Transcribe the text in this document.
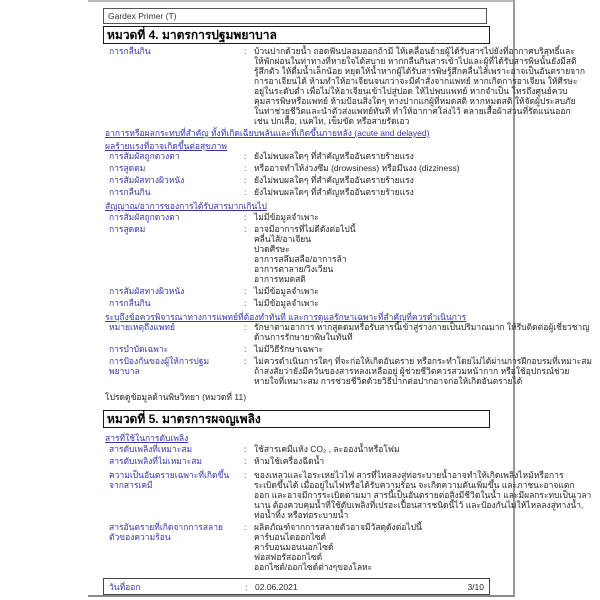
Gardex Primer (T)
หมวดที่ 4. มาตรการปฐมพยาบาล
การกลืนกิน	: บ้วนปากด้วยน้ำ ถอดฟันปลอมออกถ้ามี ให้เคลื่อนย้ายผู้ได้รับสารไปยังที่อากาศบริสุทธิ์และ
ให้พักผ่อนในท่าทางที่หายใจได้สบาย หากกลืนกินสารเข้าไปและผู้ที่ได้รับสารพิษนั้นยังมีสติ
รู้สึกตัว ให้ดื่มน้ำเล็กน้อย หยุดให้น้ำหากผู้ได้รับสารพิษรู้สึกคลื่นไส้เพราะอาจเป็นอันตรายจาก
การอาเจียนได้ ห้ามทำให้อาเจียนจนกว่าจะมีคำสั่งจากแพทย์ หากเกิดการอาเจียน ให้ศีรษะ
อยู่ในระดับต่ำ เพื่อไม่ให้อาเจียนเข้าไปสู่ปอด ให้ไปพบแพทย์ หากจำเป็น โทรถึงศูนย์ควบ
คุมสารพิษหรือแพทย์ ห้ามป้อนสิ่งใดๆ ทางปากแก่ผู้ที่หมดสติ หากหมดสติ ให้จัดผู้ประสบภัย
ในท่าช่วยชีวิตและนำตัวส่งแพทย์ทันที ทำให้อากาศโล่งไว้ คลายเสื้อผ้าส่วนที่รัดแน่นออก
เช่น ปกเสื้อ, เนคไท, เข็มขัด หรือสายรัดเอว
อาการหรือผลกระทบที่สำคัญ ทั้งที่เกิดเฉียบพลันและที่เกิดขึ้นภายหลัง (acute and delayed)
ผลร้ายแรงที่อาจเกิดขึ้นต่อสุขภาพ
การสัมผัสถูกดวงตา	: ยังไม่พบผลใดๆ ที่สำคัญหรืออันตรายร้ายแรง
การสูดดม	: หรืออาจทำให้ง่วงซึม (drowsiness) หรือมึนงง (dizziness)
การสัมผัสทางผิวหนัง	: ยังไม่พบผลใดๆ ที่สำคัญหรืออันตรายร้ายแรง
การกลืนกิน	: ยังไม่พบผลใดๆ ที่สำคัญหรืออันตรายร้ายแรง
สัญญาณ/อาการของการได้รับสารมากเกินไป
การสัมผัสถูกดวงตา	: ไม่มีข้อมูลจำเพาะ
การสูดดม	: อาจมีอาการที่ไม่ดีดังต่อไปนี้
คลื่นไส้/อาเจียน
ปวดศีรษะ
อาการสลึมสลือ/อาการล้า
อาการตาลาย/วิงเวียน
อาการหมดสติ
การสัมผัสทางผิวหนัง	: ไม่มีข้อมูลจำเพาะ
การกลืนกิน	: ไม่มีข้อมูลจำเพาะ
ระบุถึงข้อควรพิจารณาทางการแพทย์ที่ต้องทำทันที และการดูแลรักษาเฉพาะที่สำคัญที่ควรดำเนินการ
หมายเหตุถึงแพทย์	: รักษาตามอาการ หากสูดดมหรือรับสารนี้เข้าสู่ร่างกายเป็นปริมาณมาก ให้รีบติดต่อผู้เชี่ยวชาญ
ด้านการรักษายาพิษในทันที
การบำบัดเฉพาะ	: ไม่มีวิธีรักษาเฉพาะ
การป้องกันของผู้ให้การปฐม
พยาบาล
: ไม่ควรดำเนินการใดๆ ที่จะก่อให้เกิดอันตราย หรือกระทำโดยไม่ได้ผ่านการฝึกอบรมที่เหมาะสม
ถ้าสงสัยว่ายังมีควันของสารหลงเหลืออยู่ ผู้ช่วยชีวิตควรสวมหน้ากาก หรือใช้อุปกรณ์ช่วย
หายใจที่เหมาะสม การช่วยชีวิตด้วยวิธีปากต่อปากอาจก่อให้เกิดอันตรายได้
โปรดดูข้อมูลด้านพิษวิทยา (หมวดที่ 11)
หมวดที่ 5. มาตรการผจญเพลิง
สารที่ใช้ในการดับเพลิง
สารดับเพลิงที่เหมาะสม	: ใช้สารเคมีแห้ง CO₂ , ละอองน้ำหรือโฟม
สารดับเพลิงที่ไม่เหมาะสม	: ห้ามใช้เครื่องฉีดน้ำ
ความเป็นอันตรายเฉพาะที่เกิดขึ้น
จากสารเคมี
: ของเหลวและไอระเหยไวไฟ สารที่ไหลลงสู่ท่อระบายน้ำอาจทำให้เกิดเพลิงไหม้หรือการ
ระเบิดขึ้นได้ เมื่ออยู่ในไฟหรือได้รับความร้อน จะเกิดความดันเพิ่มขึ้น และภาชนะอาจแตก
ออก และอาจมีการระเบิดตามมา สารนี้เป็นอันตรายต่อสิ่งมีชีวิตในน้ำ และมีผลกระทบเป็นเวลา
นาน ต้องควบคุมน้ำที่ใช้ดับเพลิงที่เปรอะเปื้อนสารชนิดนี้ไว้ และป้องกันไม่ให้ไหลลงสู่ทางน้ำ,
ท่อน้ำทิ้ง หรือท่อระบายน้ำ
สารอันตรายที่เกิดจากการสลาย
ตัวของความร้อน
: ผลิตภัณฑ์จากการสลายตัวอาจมีวัสดุดังต่อไปนี้
คาร์บอนไดออกไซด์
คาร์บอนมอนนอกไซด์
ฟอสฟอรัสออกไซด์
ออกไซด์/ออกไซด์ต่างๆของโลหะ
วันที่ออก	: 02.06.2021	3/10
